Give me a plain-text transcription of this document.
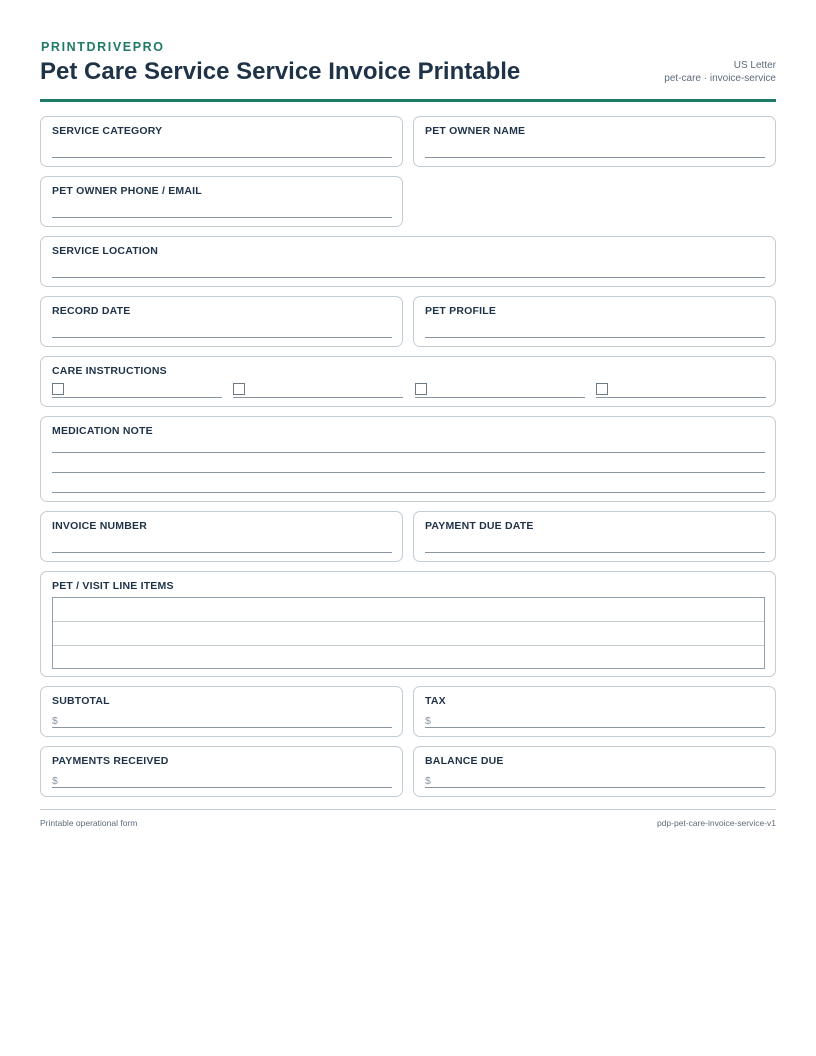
PRINTDRIVEPRO
Pet Care Service Service Invoice Printable	US Letter
pet-care · invoice-service
SERVICE CATEGORY	PET OWNER NAME
PET OWNER PHONE / EMAIL
SERVICE LOCATION
RECORD DATE	PET PROFILE
CARE INSTRUCTIONS
MEDICATION NOTE
INVOICE NUMBER	PAYMENT DUE DATE
PET / VISIT LINE ITEMS
SUBTOTAL
$
TAX
$
PAYMENTS RECEIVED
$
BALANCE DUE
$
Printable operational form	pdp-pet-care-invoice-service-v1
